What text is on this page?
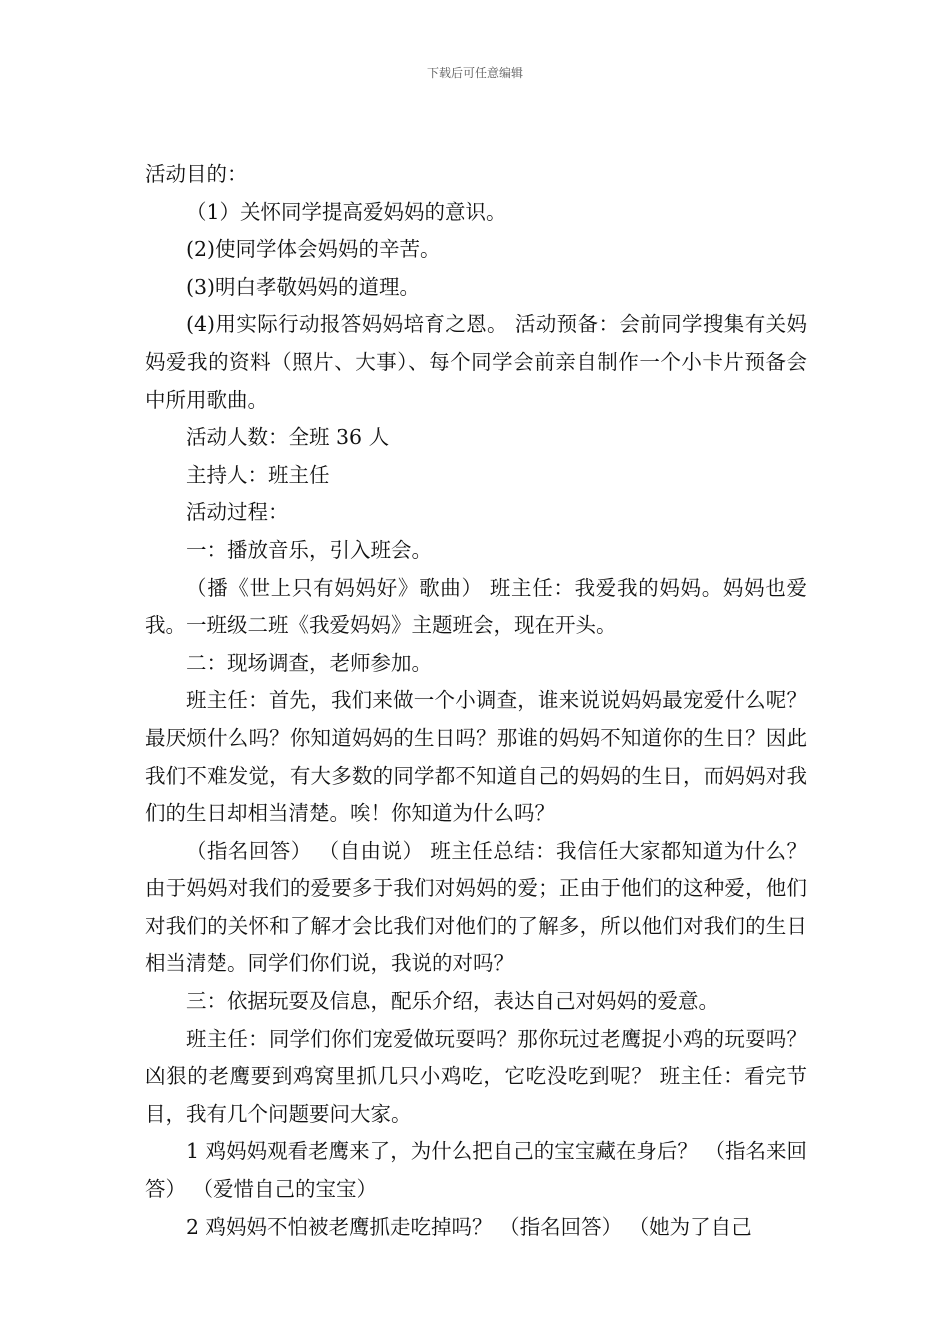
下载后可任意编辑

活动目的：

（1）关怀同学提高爱妈妈的意识。

(2)使同学体会妈妈的辛苦。

(3)明白孝敬妈妈的道理。

(4)用实际行动报答妈妈培育之恩。 活动预备：会前同学搜集有关妈妈爱我的资料（照片、大事）、每个同学会前亲自制作一个小卡片预备会中所用歌曲。

活动人数：全班 36 人

主持人：班主任

活动过程：

一：播放音乐，引入班会。

（播《世上只有妈妈好》歌曲） 班主任：我爱我的妈妈。妈妈也爱我。一班级二班《我爱妈妈》主题班会，现在开头。

二：现场调查，老师参加。

班主任：首先，我们来做一个小调查，谁来说说妈妈最宠爱什么呢？最厌烦什么吗？你知道妈妈的生日吗？那谁的妈妈不知道你的生日？因此我们不难发觉，有大多数的同学都不知道自己的妈妈的生日，而妈妈对我们的生日却相当清楚。唉！你知道为什么吗？

（指名回答） （自由说） 班主任总结：我信任大家都知道为什么？由于妈妈对我们的爱要多于我们对妈妈的爱；正由于他们的这种爱，他们对我们的关怀和了解才会比我们对他们的了解多，所以他们对我们的生日相当清楚。同学们你们说，我说的对吗？

三：依据玩耍及信息，配乐介绍，表达自己对妈妈的爱意。

班主任：同学们你们宠爱做玩耍吗？那你玩过老鹰捉小鸡的玩耍吗？凶狠的老鹰要到鸡窝里抓几只小鸡吃，它吃没吃到呢？ 班主任：看完节目，我有几个问题要问大家。

1 鸡妈妈观看老鹰来了，为什么把自己的宝宝藏在身后？ （指名来回答） （爱惜自己的宝宝）

2 鸡妈妈不怕被老鹰抓走吃掉吗？ （指名回答） （她为了自己
